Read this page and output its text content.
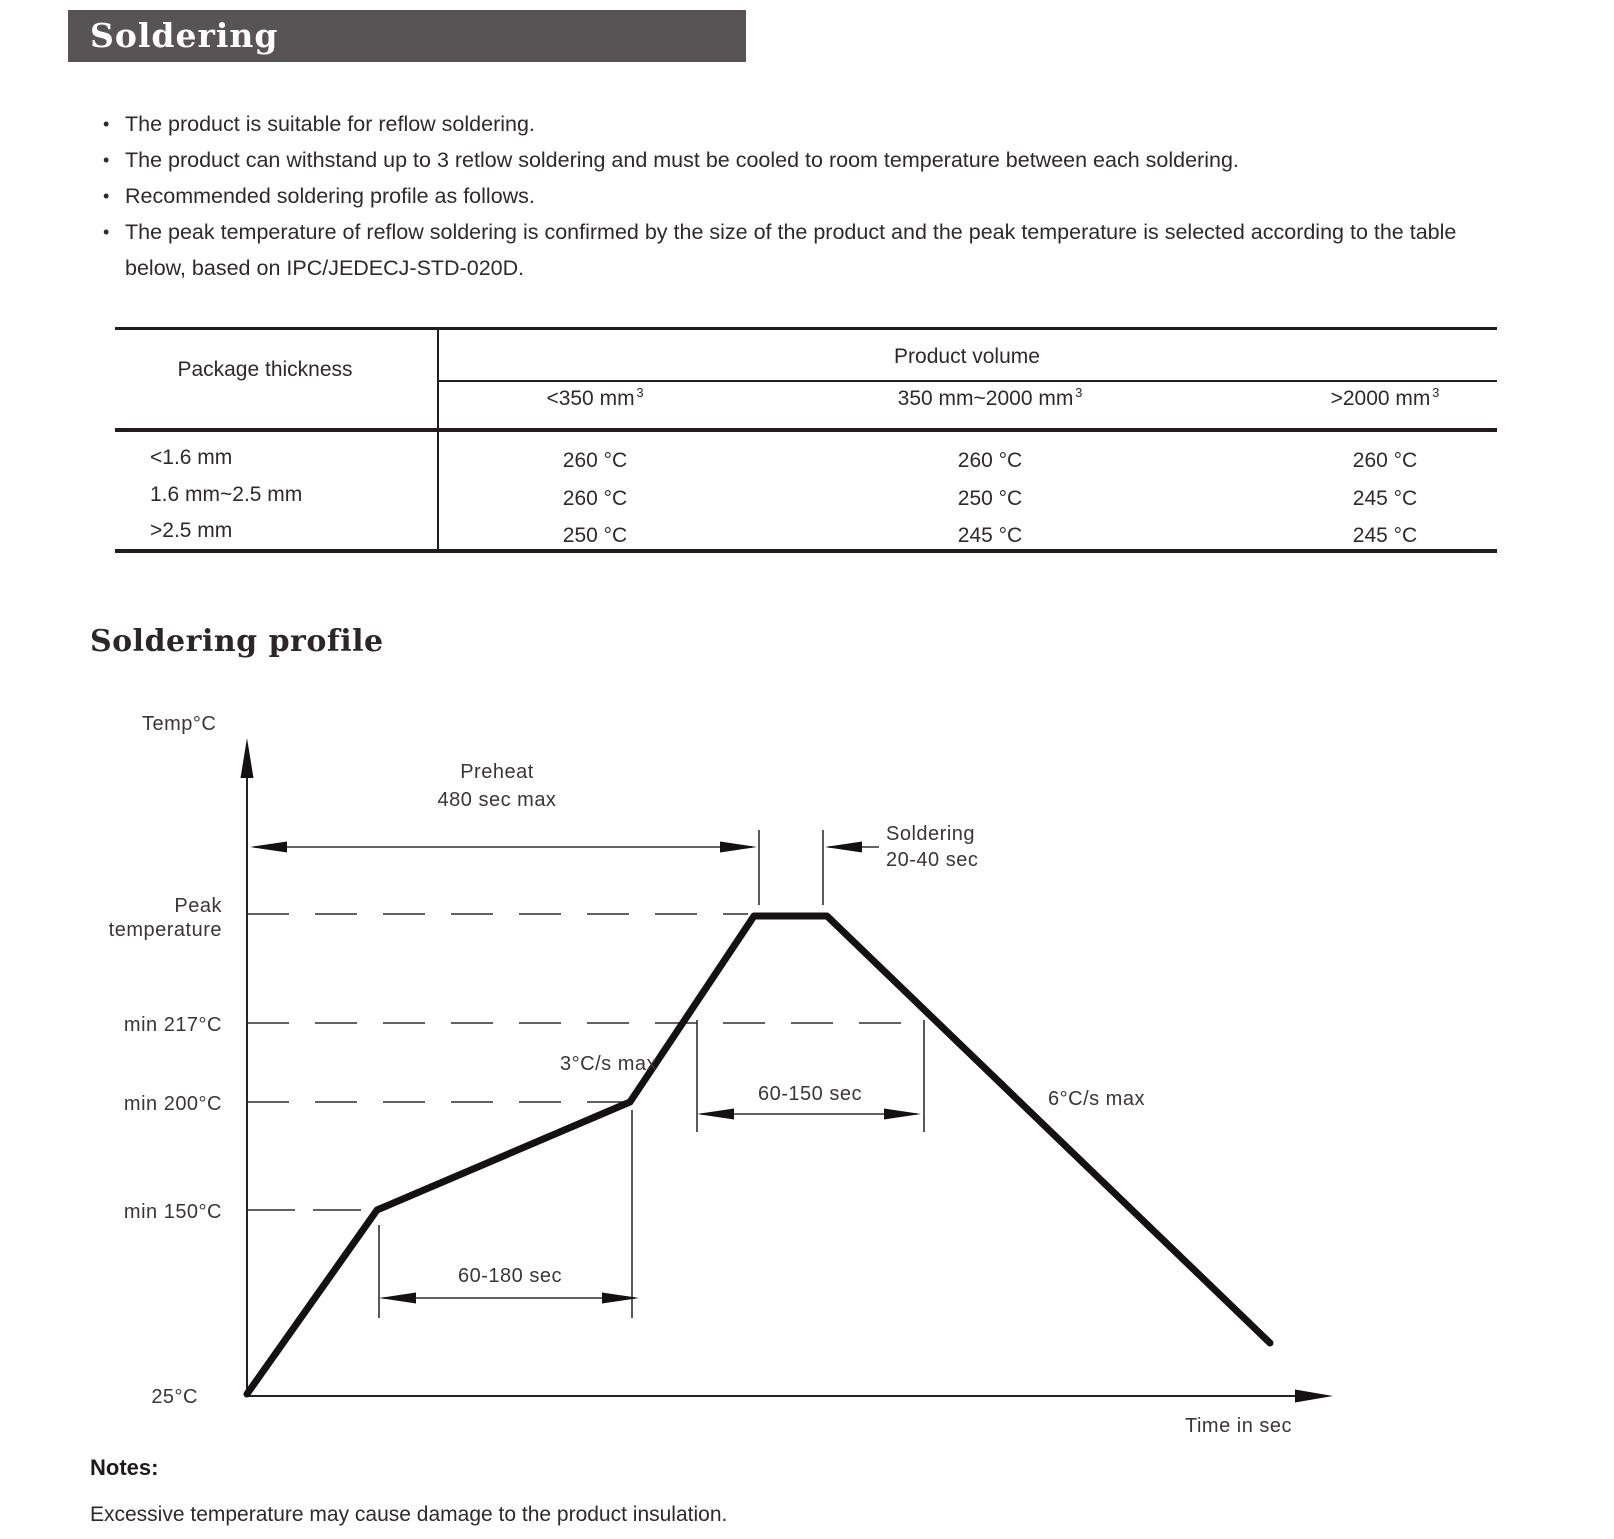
Soldering
• The product is suitable for reflow soldering.
• The product can withstand up to 3 retlow soldering and must be cooled to room temperature between each soldering.
• Recommended soldering profile as follows.
• The peak temperature of reflow soldering is confirmed by the size of the product and the peak temperature is selected according to the table below, based on IPC/JEDECJ-STD-020D.
Package thickness
Product volume
<350 mm  $^3$	350 mm~2000 mm  $^3$	>2000 mm  $^3$
<1.6 mm	260 °C	260 °C	260 °C
1.6 mm~2.5 mm	260 °C	250 °C	245 °C
>2.5 mm	250 °C	245 °C	245 °C
Soldering profile
Temp°C
Peak
temperature
min 217°C
min 200°C
min 150°C
25°C
Time in sec
Preheat
480 sec max
Soldering
20-40 sec
3°C/s max
60-150 sec
60-180 sec
6°C/s max
Notes:
Excessive temperature may cause damage to the product insulation.
